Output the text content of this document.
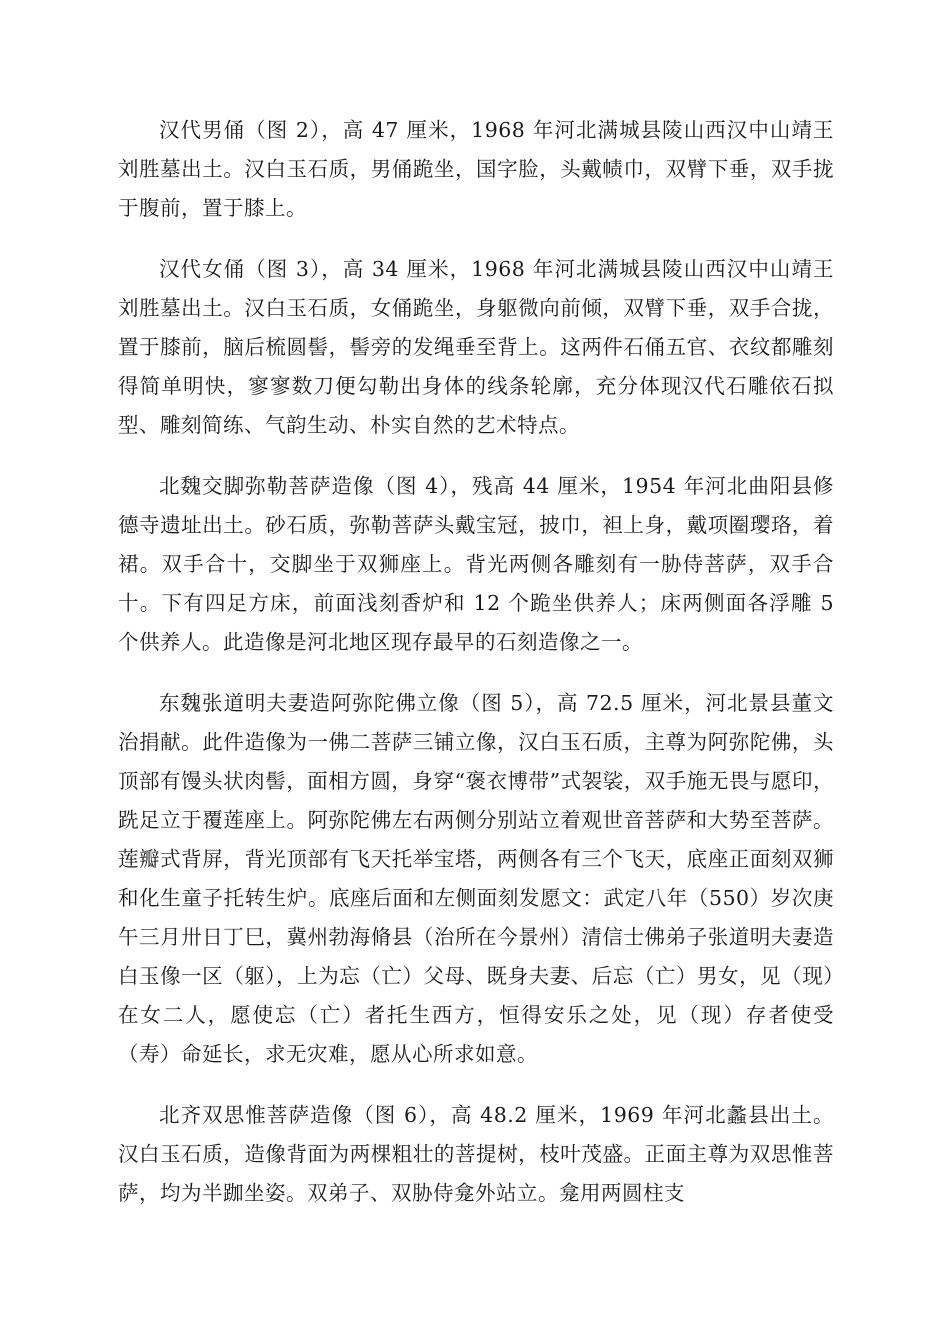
汉代男俑（图 2），高 47 厘米，1968 年河北满城县陵山西汉中山靖王刘胜墓出土。汉白玉石质，男俑跪坐，国字脸，头戴帻巾，双臂下垂，双手拢于腹前，置于膝上。

汉代女俑（图 3），高 34 厘米，1968 年河北满城县陵山西汉中山靖王刘胜墓出土。汉白玉石质，女俑跪坐，身躯微向前倾，双臂下垂，双手合拢，置于膝前，脑后梳圆髻，髻旁的发绳垂至背上。这两件石俑五官、衣纹都雕刻得简单明快，寥寥数刀便勾勒出身体的线条轮廓，充分体现汉代石雕依石拟型、雕刻简练、气韵生动、朴实自然的艺术特点。

北魏交脚弥勒菩萨造像（图 4），残高 44 厘米，1954 年河北曲阳县修德寺遗址出土。砂石质，弥勒菩萨头戴宝冠，披巾，袒上身，戴项圈璎珞，着裙。双手合十，交脚坐于双狮座上。背光两侧各雕刻有一胁侍菩萨，双手合十。下有四足方床，前面浅刻香炉和 12 个跪坐供养人；床两侧面各浮雕 5 个供养人。此造像是河北地区现存最早的石刻造像之一。

东魏张道明夫妻造阿弥陀佛立像（图 5），高 72.5 厘米，河北景县董文治捐献。此件造像为一佛二菩萨三铺立像，汉白玉石质，主尊为阿弥陀佛，头顶部有馒头状肉髻，面相方圆，身穿“褒衣博带”式袈裟，双手施无畏与愿印，跣足立于覆莲座上。阿弥陀佛左右两侧分别站立着观世音菩萨和大势至菩萨。莲瓣式背屏，背光顶部有飞天托举宝塔，两侧各有三个飞天，底座正面刻双狮和化生童子托转生炉。底座后面和左侧面刻发愿文：武定八年（550）岁次庚午三月卅日丁巳，冀州勃海脩县（治所在今景州）清信士佛弟子张道明夫妻造白玉像一区（躯），上为忘（亡）父母、既身夫妻、后忘（亡）男女，见（现）在女二人，愿使忘（亡）者托生西方，恒得安乐之处，见（现）存者使受（寿）命延长，求无灾难，愿从心所求如意。

北齐双思惟菩萨造像（图 6），高 48.2 厘米，1969 年河北蠡县出土。汉白玉石质，造像背面为两棵粗壮的菩提树，枝叶茂盛。正面主尊为双思惟菩萨，均为半跏坐姿。双弟子、双胁侍龛外站立。龛用两圆柱支
